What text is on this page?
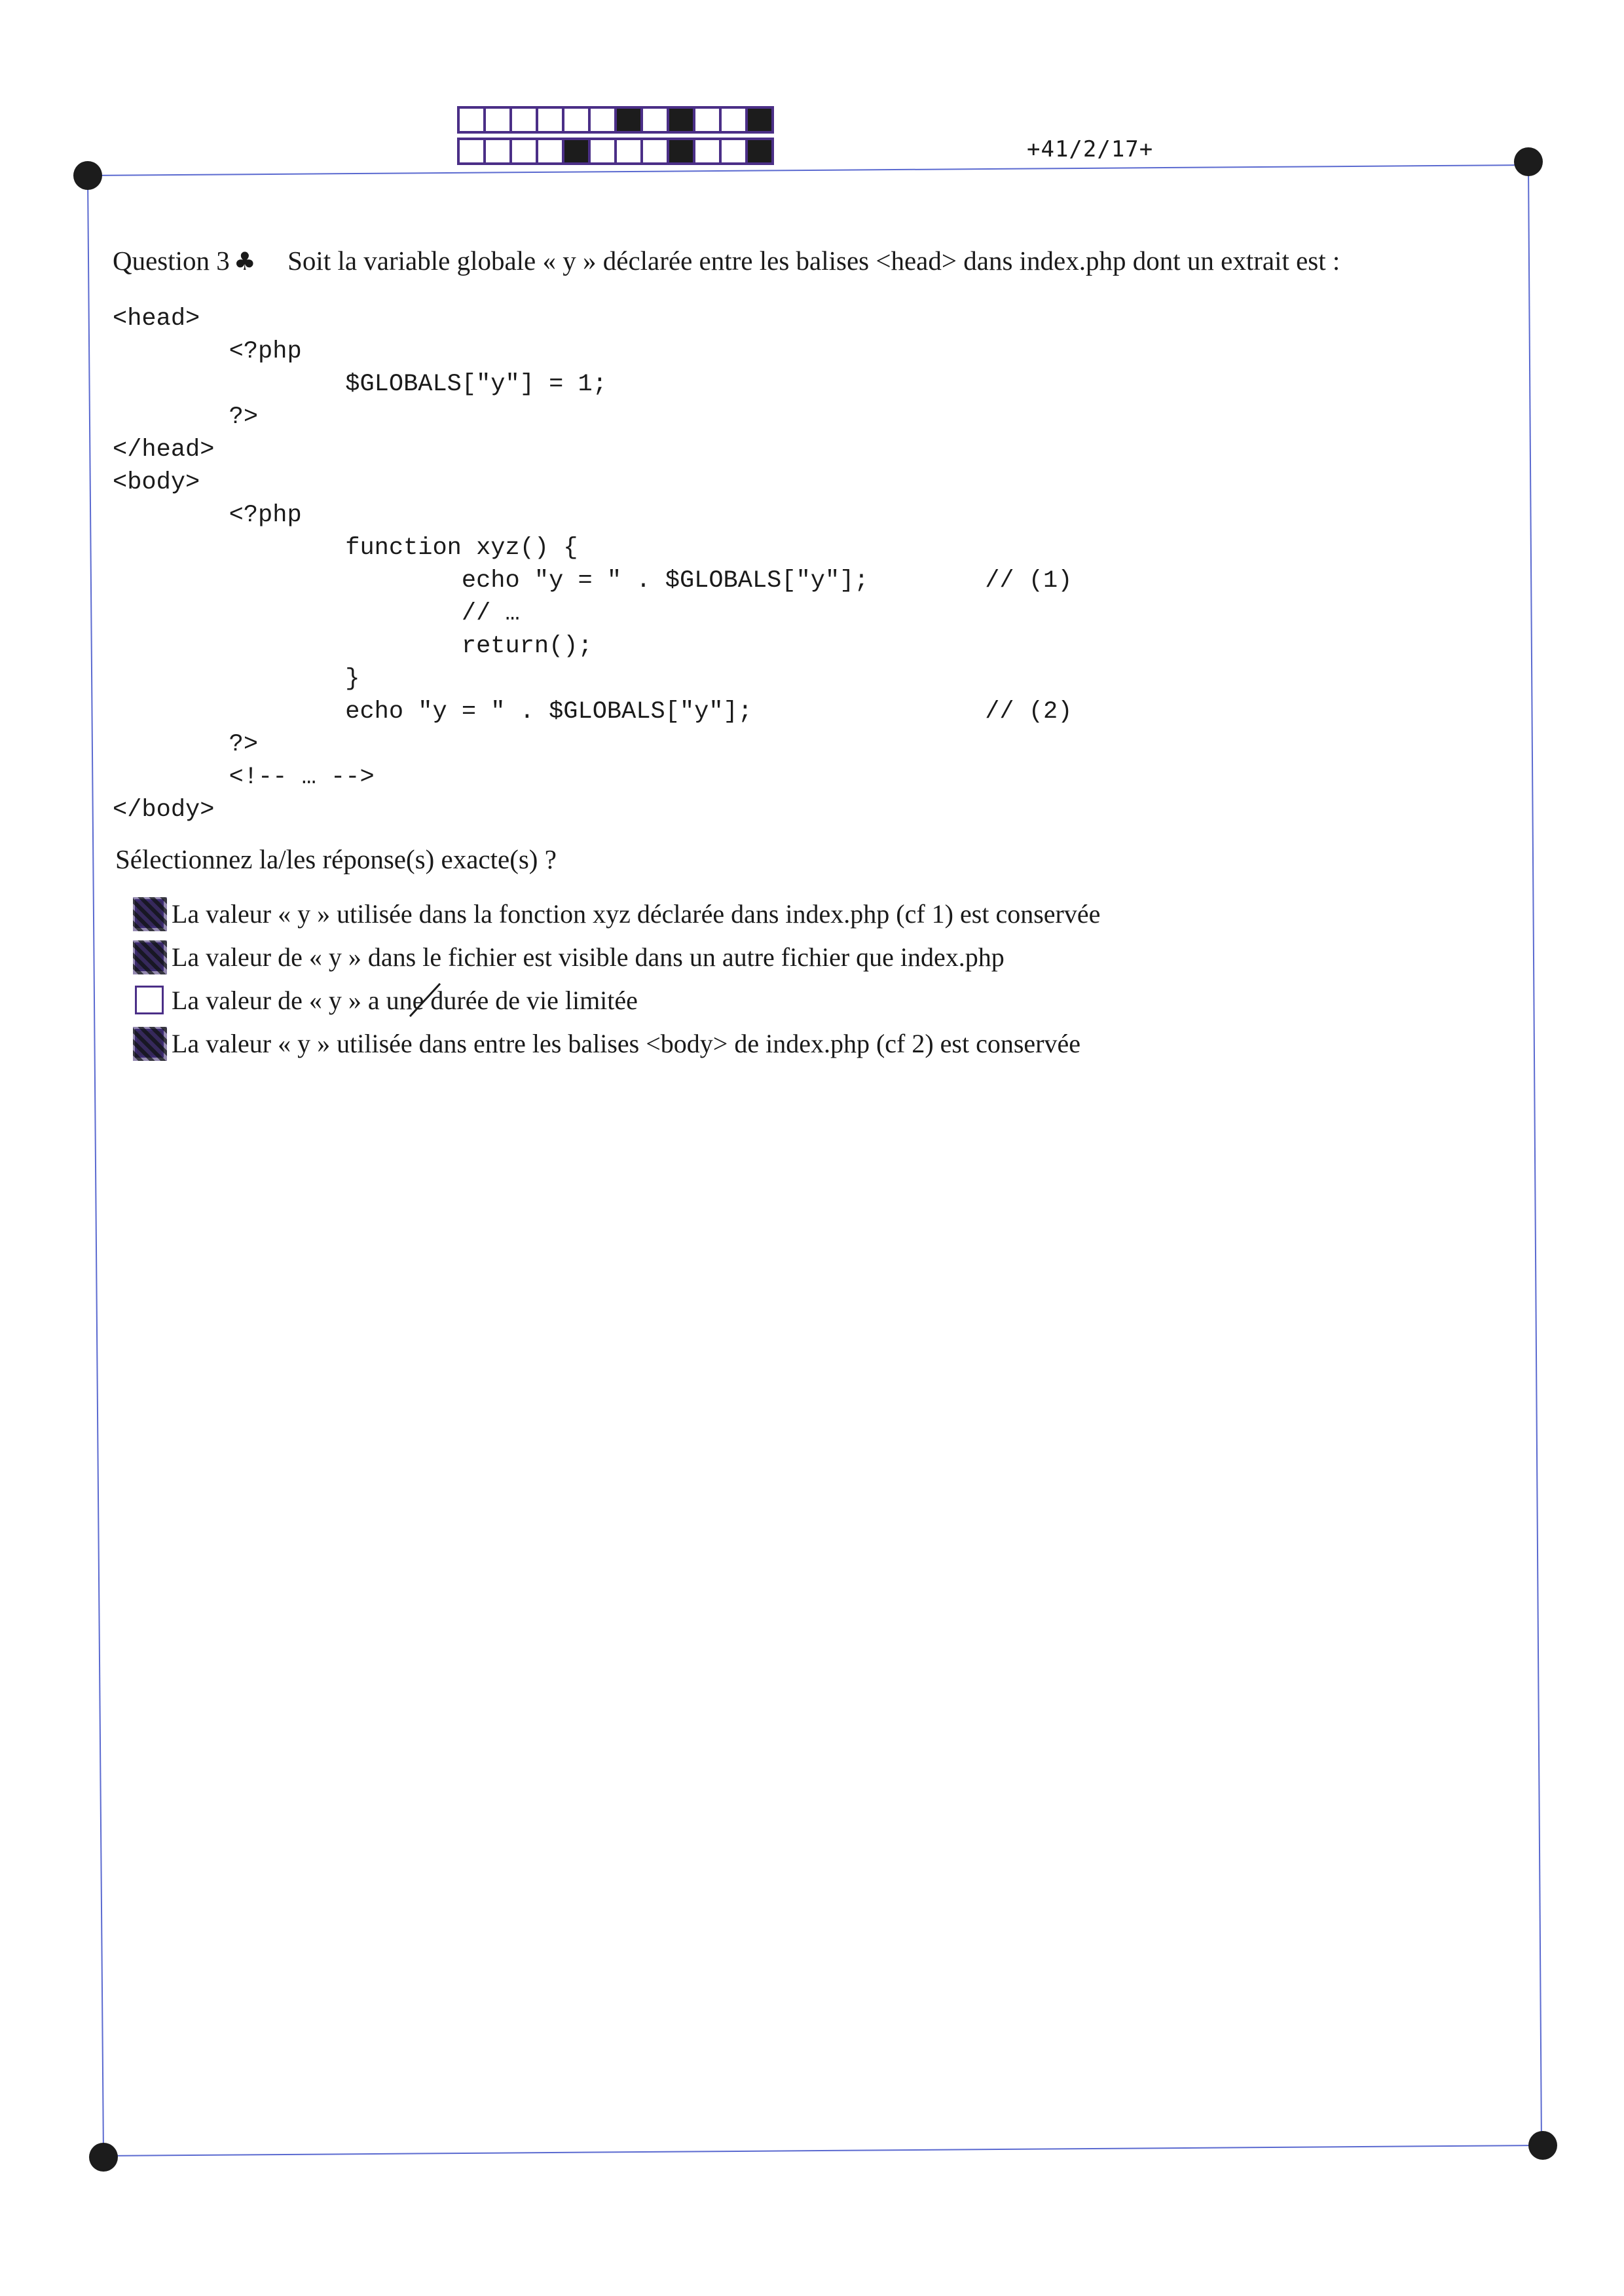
+41/2/17+
Question 3 ♣ Soit la variable globale « y » déclarée entre les balises <head> dans index.php dont un extrait est :
<head>
<?php
$GLOBALS["y"] = 1;
?>
</head>
<body>
<?php
function xyz() {
echo "y = " . $GLOBALS["y"];        // (1)
// …
return();
}
echo "y = " . $GLOBALS["y"];                // (2)
?>
<!-- … -->
</body>
Sélectionnez la/les réponse(s) exacte(s) ?
La valeur « y » utilisée dans la fonction xyz déclarée dans index.php (cf 1) est conservée
La valeur de « y » dans le fichier est visible dans un autre fichier que index.php
La valeur de « y » a une durée de vie limitée
La valeur « y » utilisée dans entre les balises <body> de index.php (cf 2) est conservée
